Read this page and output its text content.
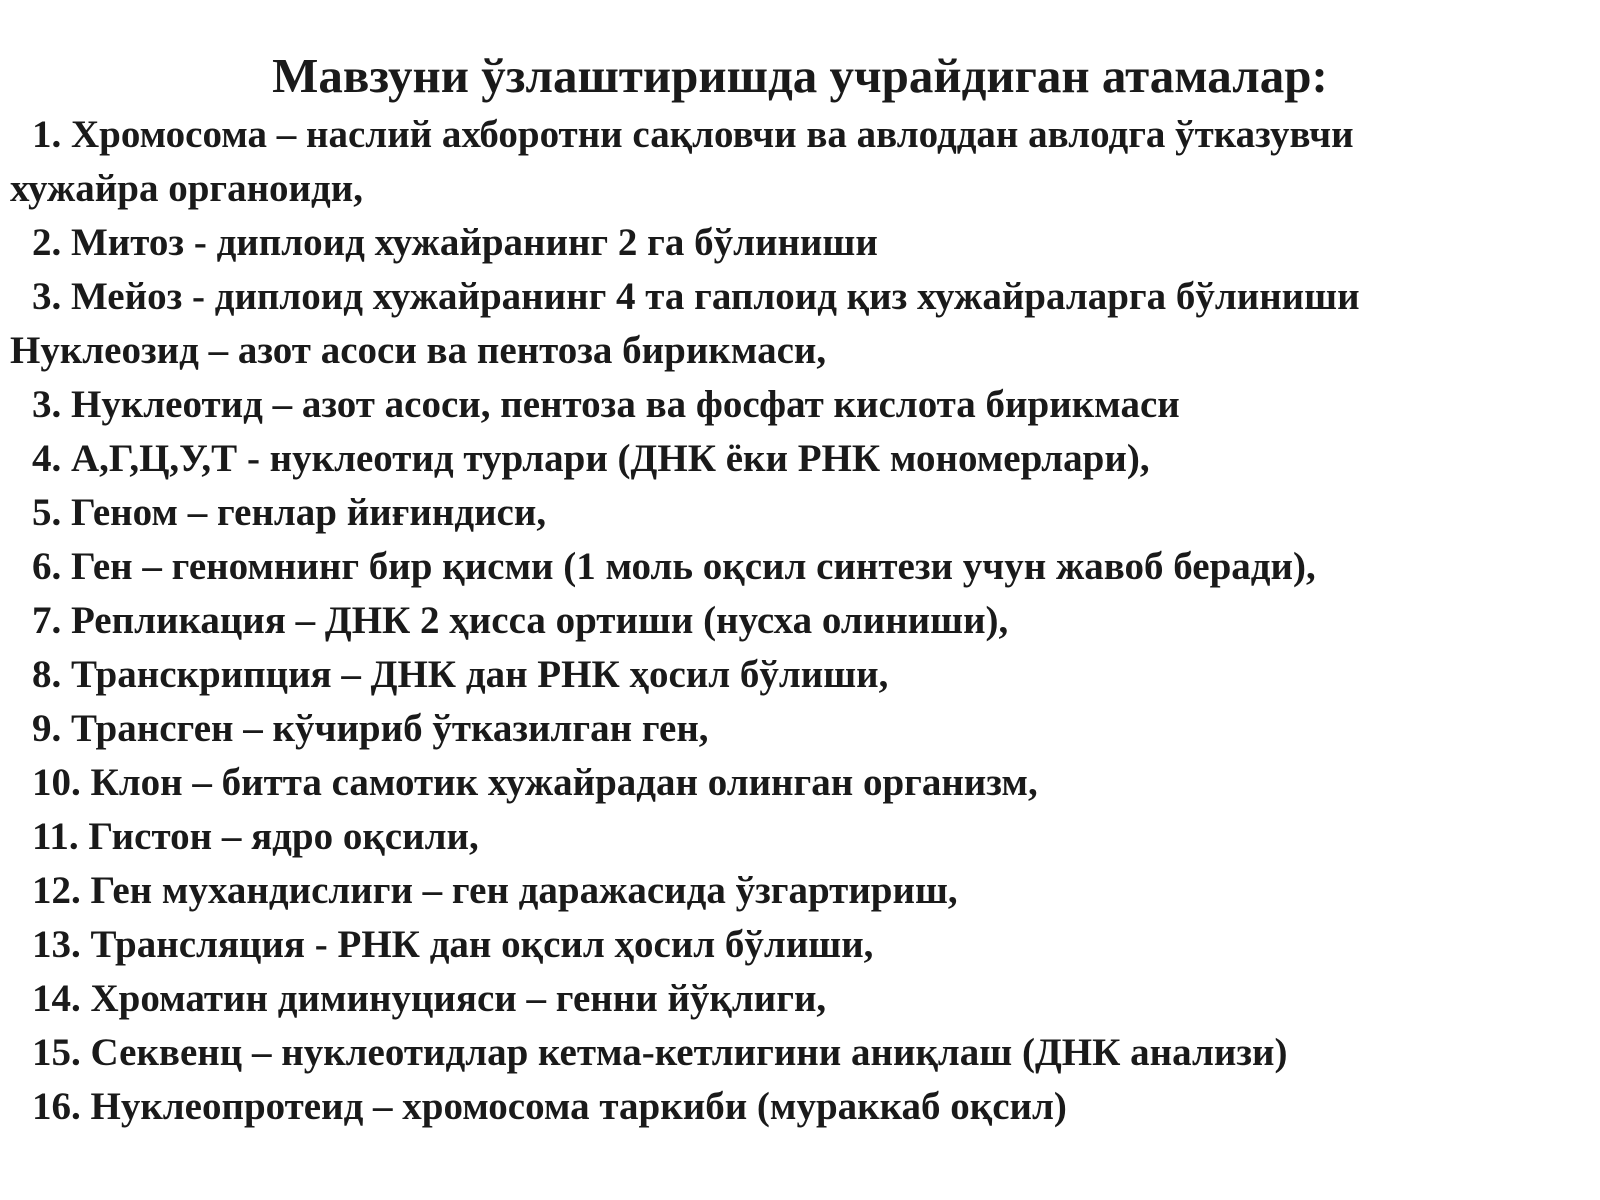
Мавзуни ўзлаштиришда учрайдиган атамалар:
1. Хромосома – наслий ахборотни сақловчи ва авлоддан авлодга ўтказувчи
хужайра органоиди,
2. Митоз - диплоид хужайранинг 2 га бўлиниши
3. Мейоз - диплоид хужайранинг 4 та гаплоид қиз хужайраларга бўлиниши
Нуклеозид – азот асоси ва пентоза бирикмаси,
3. Нуклеотид – азот асоси, пентоза ва фосфат кислота бирикмаси
4. А,Г,Ц,У,Т - нуклеотид турлари (ДНК ёки РНК мономерлари),
5. Геном – генлар йиғиндиси,
6. Ген – геномнинг бир қисми (1 моль оқсил синтези учун жавоб беради),
7. Репликация – ДНК 2 ҳисса ортиши (нусха олиниши),
8. Транскрипция – ДНК дан РНК ҳосил бўлиши,
9. Трансген – кўчириб ўтказилган ген,
10. Клон – битта самотик хужайрадан олинган организм,
11. Гистон – ядро оқсили,
12. Ген мухандислиги – ген даражасида ўзгартириш,
13. Трансляция - РНК дан оқсил ҳосил бўлиши,
14. Хроматин диминуцияси – генни йўқлиги,
15. Секвенц – нуклеотидлар кетма-кетлигини аниқлаш (ДНК анализи)
16. Нуклеопротеид – хромосома таркиби (мураккаб оқсил)
